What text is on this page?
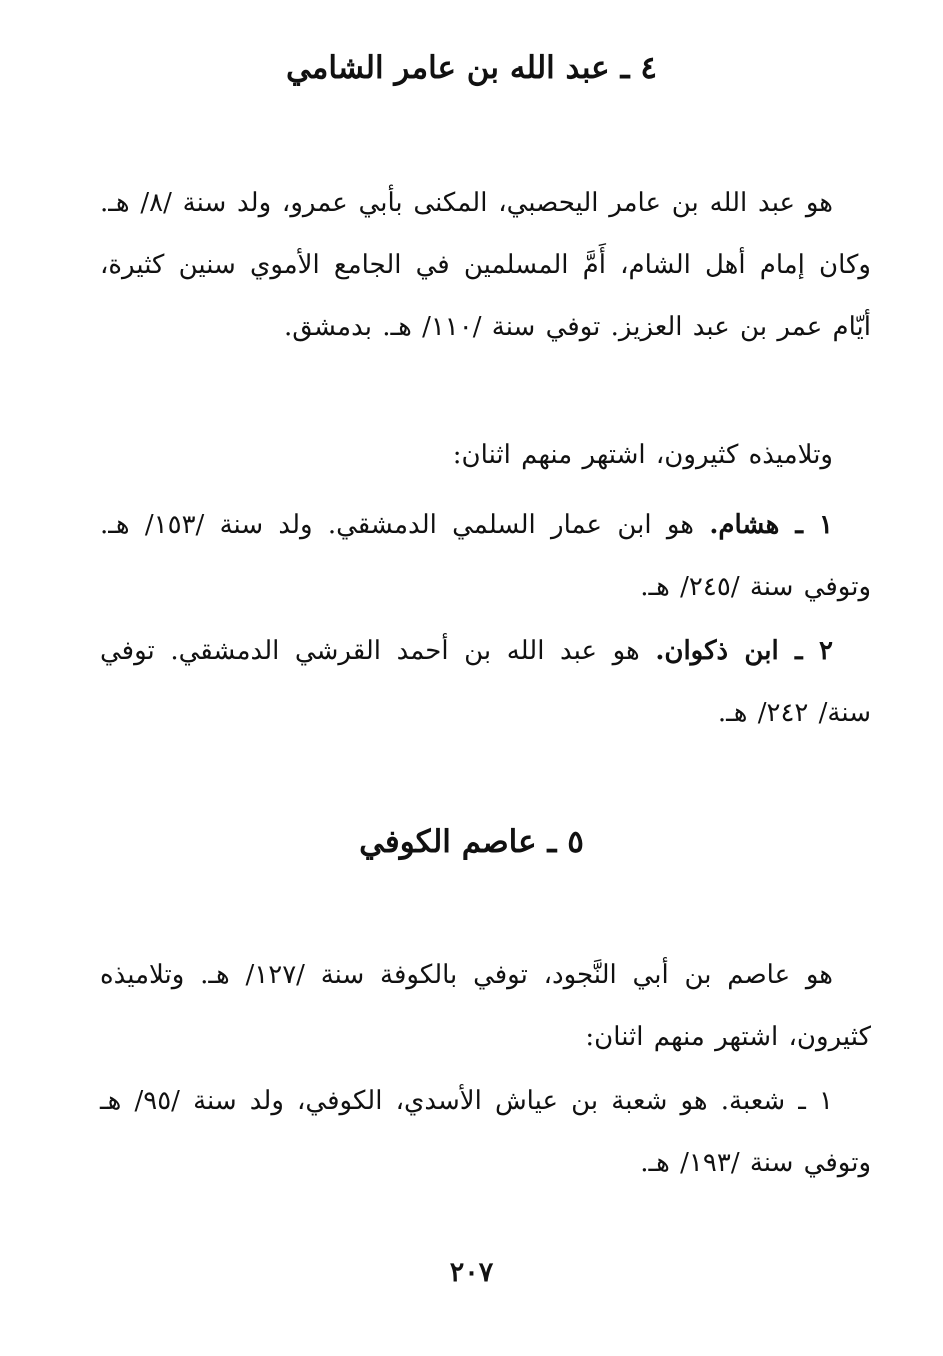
٤ ـ عبد الله بن عامر الشامي

هو عبد الله بن عامر اليحصبي، المكنى بأبي عمرو، ولد سنة /٨/ هـ. وكان إمام أهل الشام، أَمَّ المسلمين في الجامع الأموي سنين كثيرة، أيّام عمر بن عبد العزيز. توفي سنة /١١٠/ هـ. بدمشق.

وتلاميذه كثيرون، اشتهر منهم اثنان:

١ ـ هشام. هو ابن عمار السلمي الدمشقي. ولد سنة /١٥٣/ هـ. وتوفي سنة /٢٤٥/ هـ.

٢ ـ ابن ذكوان. هو عبد الله بن أحمد القرشي الدمشقي. توفي سنة/ ٢٤٢/ هـ.

٥ ـ عاصم الكوفي

هو عاصم بن أبي النَّجود، توفي بالكوفة سنة /١٢٧/ هـ. وتلاميذه كثيرون، اشتهر منهم اثنان:

١ ـ شعبة. هو شعبة بن عياش الأسدي، الكوفي، ولد سنة /٩٥/ هـ وتوفي سنة /١٩٣/ هـ.

٢٠٧
